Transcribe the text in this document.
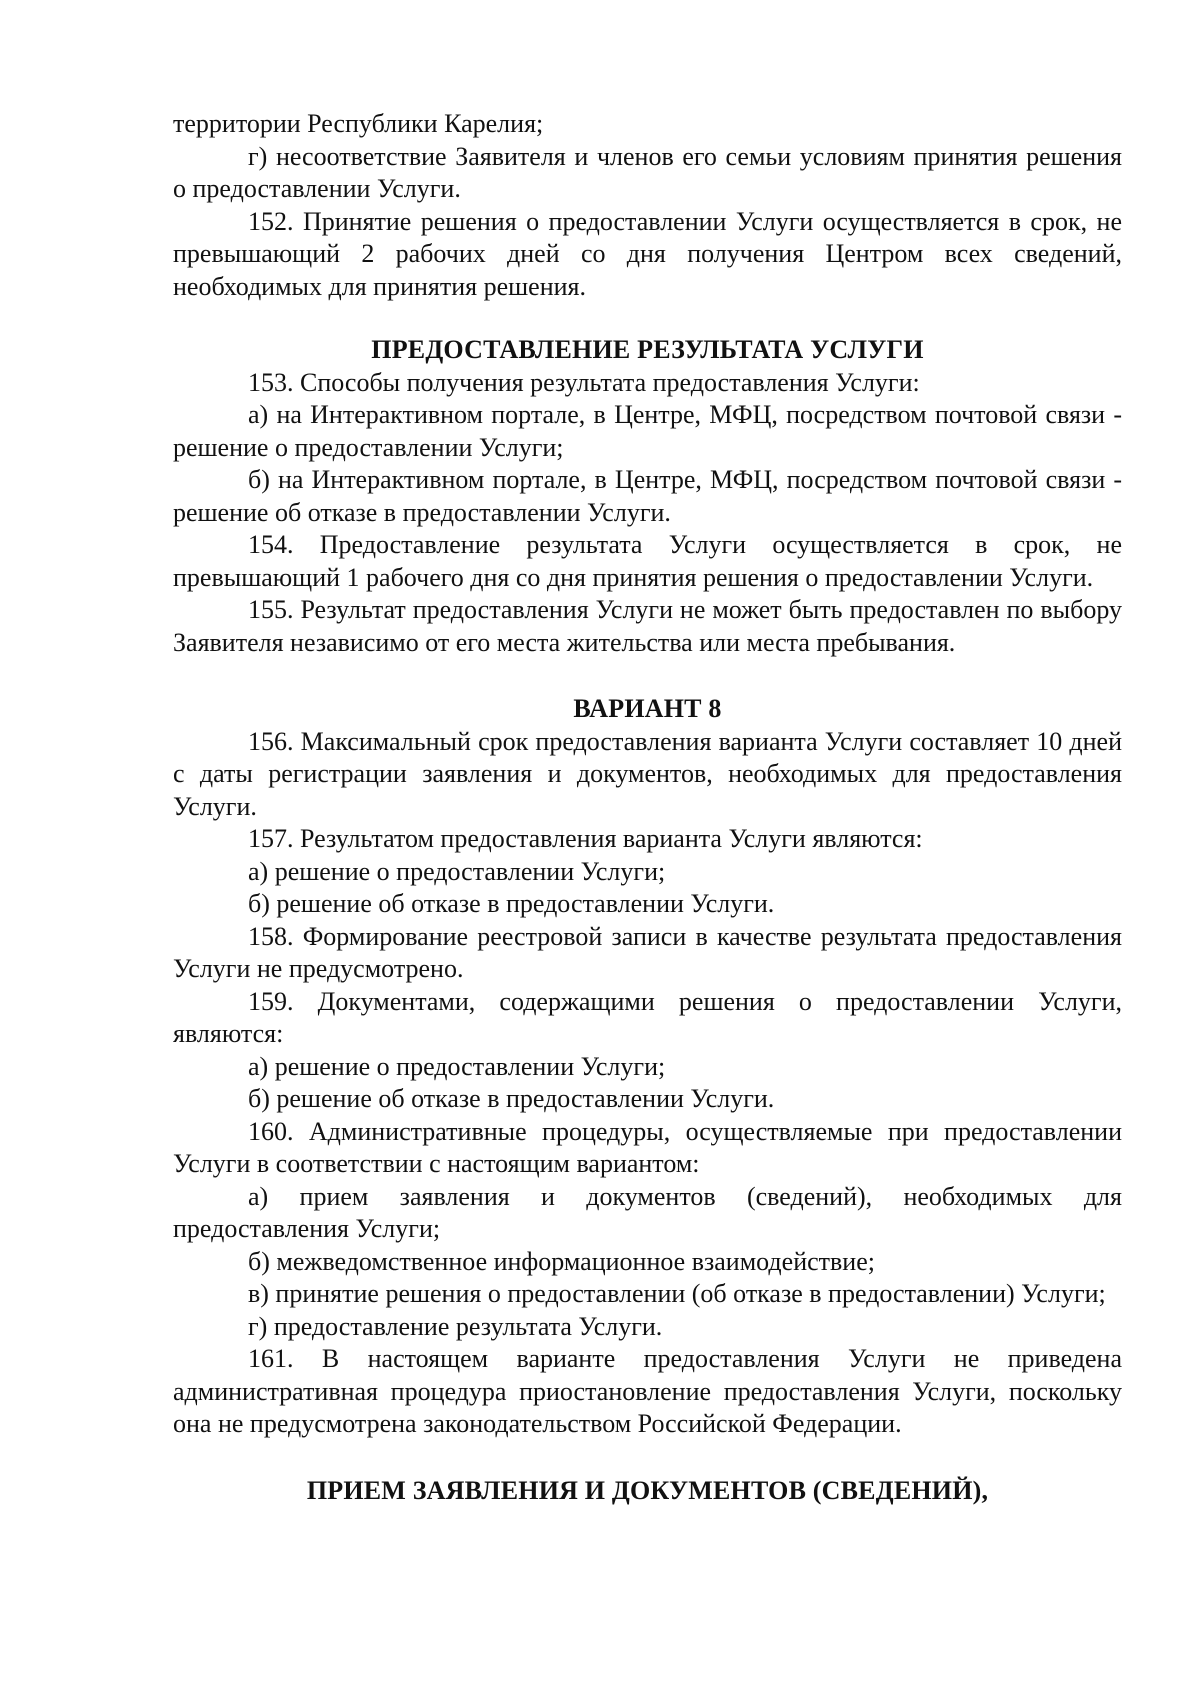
территории Республики Карелия;

г) несоответствие Заявителя и членов его семьи условиям принятия решения о предоставлении Услуги.

152. Принятие решения о предоставлении Услуги осуществляется в срок, не превышающий 2 рабочих дней со дня получения Центром всех сведений, необходимых для принятия решения.

ПРЕДОСТАВЛЕНИЕ РЕЗУЛЬТАТА УСЛУГИ

153. Способы получения результата предоставления Услуги:

а) на Интерактивном портале, в Центре, МФЦ, посредством почтовой связи - решение о предоставлении Услуги;

б) на Интерактивном портале, в Центре, МФЦ, посредством почтовой связи - решение об отказе в предоставлении Услуги.

154. Предоставление результата Услуги осуществляется в срок, не превышающий 1 рабочего дня со дня принятия решения о предоставлении Услуги.

155. Результат предоставления Услуги не может быть предоставлен по выбору Заявителя независимо от его места жительства или места пребывания.

ВАРИАНТ 8

156. Максимальный срок предоставления варианта Услуги составляет 10 дней с даты регистрации заявления и документов, необходимых для предоставления Услуги.

157. Результатом предоставления варианта Услуги являются:

а) решение о предоставлении Услуги;

б) решение об отказе в предоставлении Услуги.

158. Формирование реестровой записи в качестве результата предоставления Услуги не предусмотрено.

159. Документами, содержащими решения о предоставлении Услуги, являются:

а) решение о предоставлении Услуги;

б) решение об отказе в предоставлении Услуги.

160. Административные процедуры, осуществляемые при предоставлении Услуги в соответствии с настоящим вариантом:

а) прием заявления и документов (сведений), необходимых для предоставления Услуги;

б) межведомственное информационное взаимодействие;

в) принятие решения о предоставлении (об отказе в предоставлении) Услуги;

г) предоставление результата Услуги.

161. В настоящем варианте предоставления Услуги не приведена административная процедура приостановление предоставления Услуги, поскольку она не предусмотрена законодательством Российской Федерации.

ПРИЕМ ЗАЯВЛЕНИЯ И ДОКУМЕНТОВ (СВЕДЕНИЙ),
